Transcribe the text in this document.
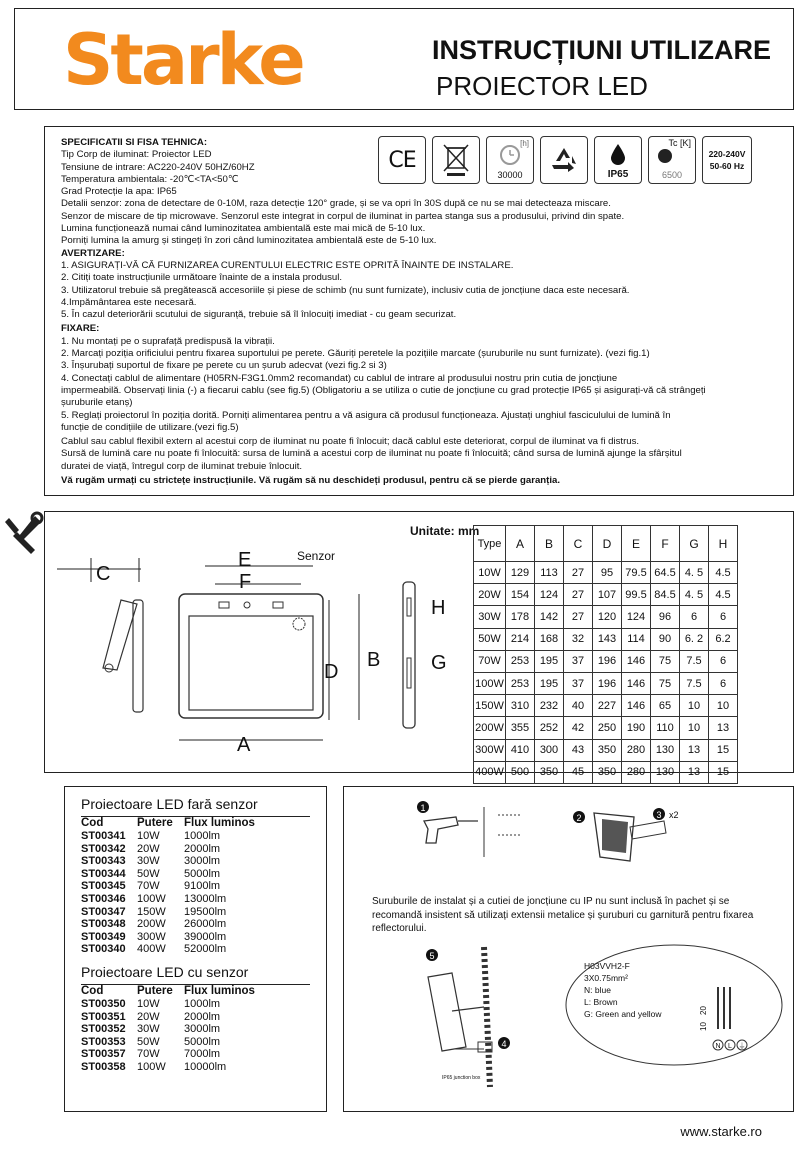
Starke	INSTRUCȚIUNI UTILIZARE
PROIECTOR LED
SPECIFICATII SI FISA TEHNICA:
Tip Corp de iluminat: Proiector LED
Tensiune de intrare: AC220-240V 50HZ/60HZ
Temperatura ambientala: -20℃<TA<50℃
Grad Protecție la apa: IP65
Detalii senzor: zona de detectare de 0-10M, raza detecție 120° grade, și se va opri în 30S după ce nu se mai detecteaza miscare.
Senzor de miscare de tip microwave. Senzorul este integrat in corpul de iluminat in partea stanga sus a produsului, privind din spate.
Lumina funcționează numai când luminozitatea ambientală este mai mică de 5-10 lux.
Porniți lumina la amurg și stingeți în zori când luminozitatea ambientală este de 5-10 lux.
AVERTIZARE:
1. ASIGURAȚI-VĂ CĂ FURNIZAREA CURENTULUI ELECTRIC ESTE OPRITĂ ÎNAINTE DE INSTALARE.
2. Citiți toate instrucțiunile următoare înainte de a instala produsul.
3. Utilizatorul trebuie să pregătească accesoriile și piese de schimb (nu sunt furnizate), inclusiv cutia de joncțiune daca este necesară.
4.Impământarea este necesară.
5. În cazul deteriorării scutului de siguranță, trebuie să îl înlocuiți imediat - cu geam securizat.
FIXARE:
1. Nu montați pe o suprafață predispusă la vibrații.
2. Marcați poziția orificiului pentru fixarea suportului pe perete. Găuriți peretele la pozițiile marcate (șuruburile nu sunt furnizate). (vezi fig.1)
3. Înșurubați suportul de fixare pe perete cu un șurub adecvat (vezi fig.2 si 3)
4. Conectați cablul de alimentare (H05RN-F3G1.0mm2 recomandat) cu cablul de intrare al produsului nostru prin cutia de joncțiune
impermeabilă. Observați linia (-) a fiecarui cablu (see fig.5) (Obligatoriu a se utiliza o cutie de joncțiune cu grad protecție IP65 și asigurați-vă că strângeți
șuruburile etanș)
5. Reglați proiectorul în poziția dorită. Porniți alimentarea pentru a vă asigura că produsul funcționeaza. Ajustați unghiul fasciculului de lumină în
funcție de condițiile de utilizare.(vezi fig.5)
Cablul sau cablul flexibil extern al acestui corp de iluminat nu poate fi înlocuit; dacă cablul este deteriorat, corpul de iluminat va fi distrus.
Sursă de lumină care nu poate fi înlocuită: sursa de lumină a acestui corp de iluminat nu poate fi înlocuită; când sursa de lumină ajunge la sfârșitul
duratei de viață, întregul corp de iluminat trebuie înlocuit.
Vă rugăm urmați cu strictețe instrucțiunile. Vă rugăm să nu deschideți produsul, pentru că se pierde garanția.
CE
[h]
30000	IP65
Tc [K]
6500
220-240V
50-60 Hz
C
E
F
Senzor
A
D
B
H
G
Unitate: mm
Type	A	B	C	D	E	F	G	H
10W	129	113	27	95	79.5	64.5	4. 5	4.5
20W	154	124	27	107	99.5	84.5	4. 5	4.5
30W	178	142	27	120	124	96	6	6
50W	214	168	32	143	114	90	6. 2	6.2
70W	253	195	37	196	146	75	7.5	6
100W	253	195	37	196	146	75	7.5	6
150W	310	232	40	227	146	65	10	10
200W	355	252	42	250	190	110	10	13
300W	410	300	43	350	280	130	13	15
400W	500	350	45	350	280	130	13	15
Proiectoare LED fară senzor
Cod	Putere	Flux luminos
ST00341	10W	1000lm
ST00342	20W	2000lm
ST00343	30W	3000lm
ST00344	50W	5000lm
ST00345	70W	9100lm
ST00346	100W	13000lm
ST00347	150W	19500lm
ST00348	200W	26000lm
ST00349	300W	39000lm
ST00340	400W	52000lm
Proiectoare LED cu senzor
Cod	Putere	Flux luminos
ST00350	10W	1000lm
ST00351	20W	2000lm
ST00352	30W	3000lm
ST00353	50W	5000lm
ST00357	70W	7000lm
ST00358	100W	10000lm
1
2	3 x2
5
IP65 junction box
4
H03VVH2-F
3X0.75mm²
N: blue
L: Brown
G: Green and yellow
10
20
N L ⏚
Suruburile de instalat și a cutiei de joncțiune cu IP nu sunt inclusă în pachet și se recomandă insistent să utilizați extensii metalice și șuruburi cu garnitură pentru fixarea reflectorului.
www.starke.ro
